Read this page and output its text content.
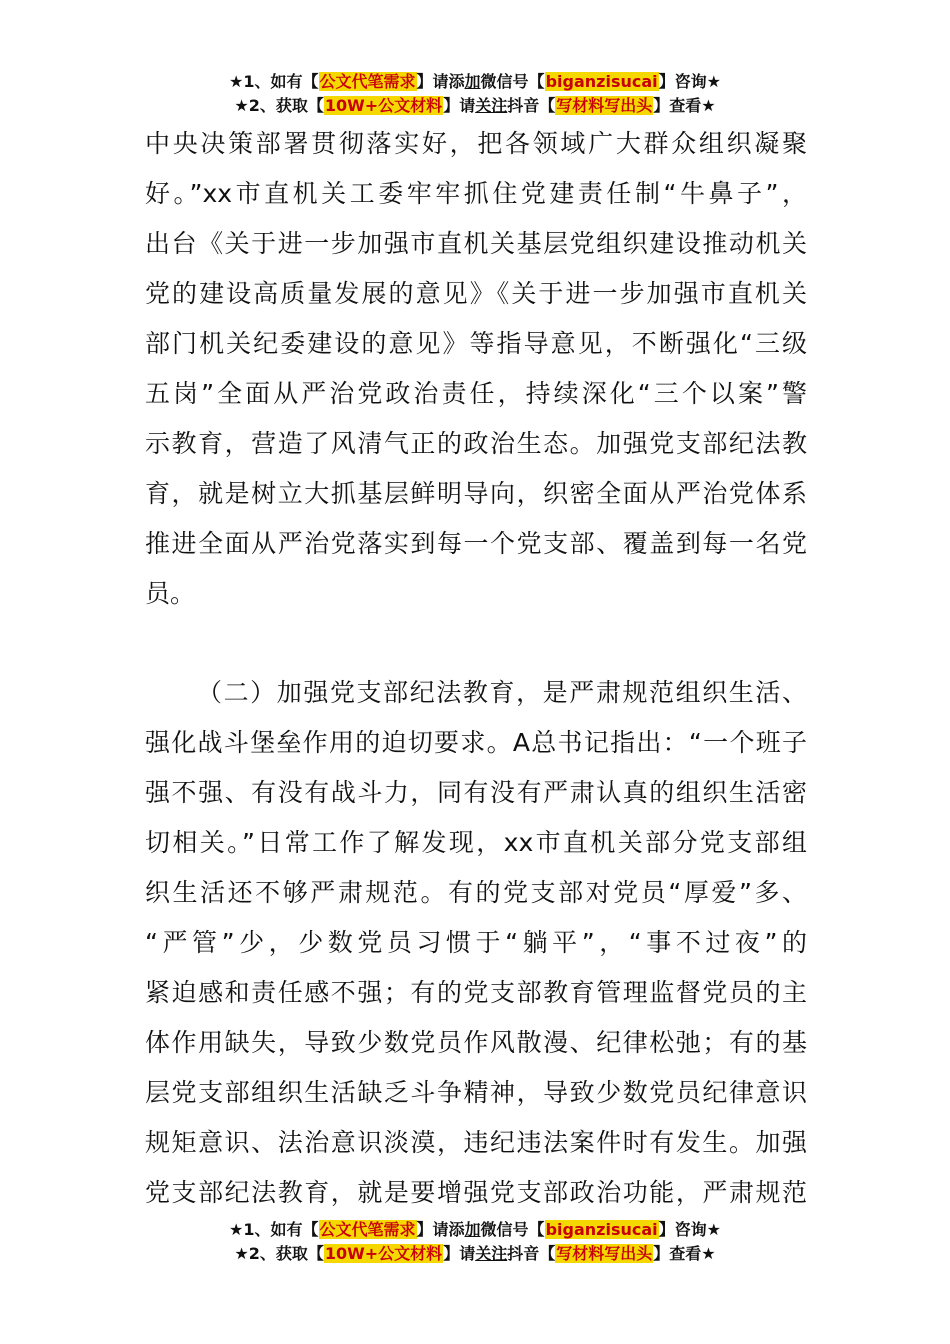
★1、如有【公文代笔需求】请添加微信号【biganzisucai】咨询★
★2、获取【10W+公文材料】请关注抖音【写材料写出头】查看★
中央决策部署贯彻落实好，把各领域广大群众组织凝聚
好。”xx市直机关工委牢牢抓住党建责任制“牛鼻子”，
出台《关于进一步加强市直机关基层党组织建设推动机关
党的建设高质量发展的意见》《关于进一步加强市直机关
部门机关纪委建设的意见》等指导意见，不断强化“三级
五岗”全面从严治党政治责任，持续深化“三个以案”警
示教育，营造了风清气正的政治生态。加强党支部纪法教
育，就是树立大抓基层鲜明导向，织密全面从严治党体系
推进全面从严治党落实到每一个党支部、覆盖到每一名党
员。
（二）加强党支部纪法教育，是严肃规范组织生活、
强化战斗堡垒作用的迫切要求。A总书记指出：“一个班子
强不强、有没有战斗力，同有没有严肃认真的组织生活密
切相关。”日常工作了解发现，xx市直机关部分党支部组
织生活还不够严肃规范。有的党支部对党员“厚爱”多、
“严管”少，少数党员习惯于“躺平”，“事不过夜”的
紧迫感和责任感不强；有的党支部教育管理监督党员的主
体作用缺失，导致少数党员作风散漫、纪律松弛；有的基
层党支部组织生活缺乏斗争精神，导致少数党员纪律意识
规矩意识、法治意识淡漠，违纪违法案件时有发生。加强
党支部纪法教育，就是要增强党支部政治功能，严肃规范
★1、如有【公文代笔需求】请添加微信号【biganzisucai】咨询★
★2、获取【10W+公文材料】请关注抖音【写材料写出头】查看★
